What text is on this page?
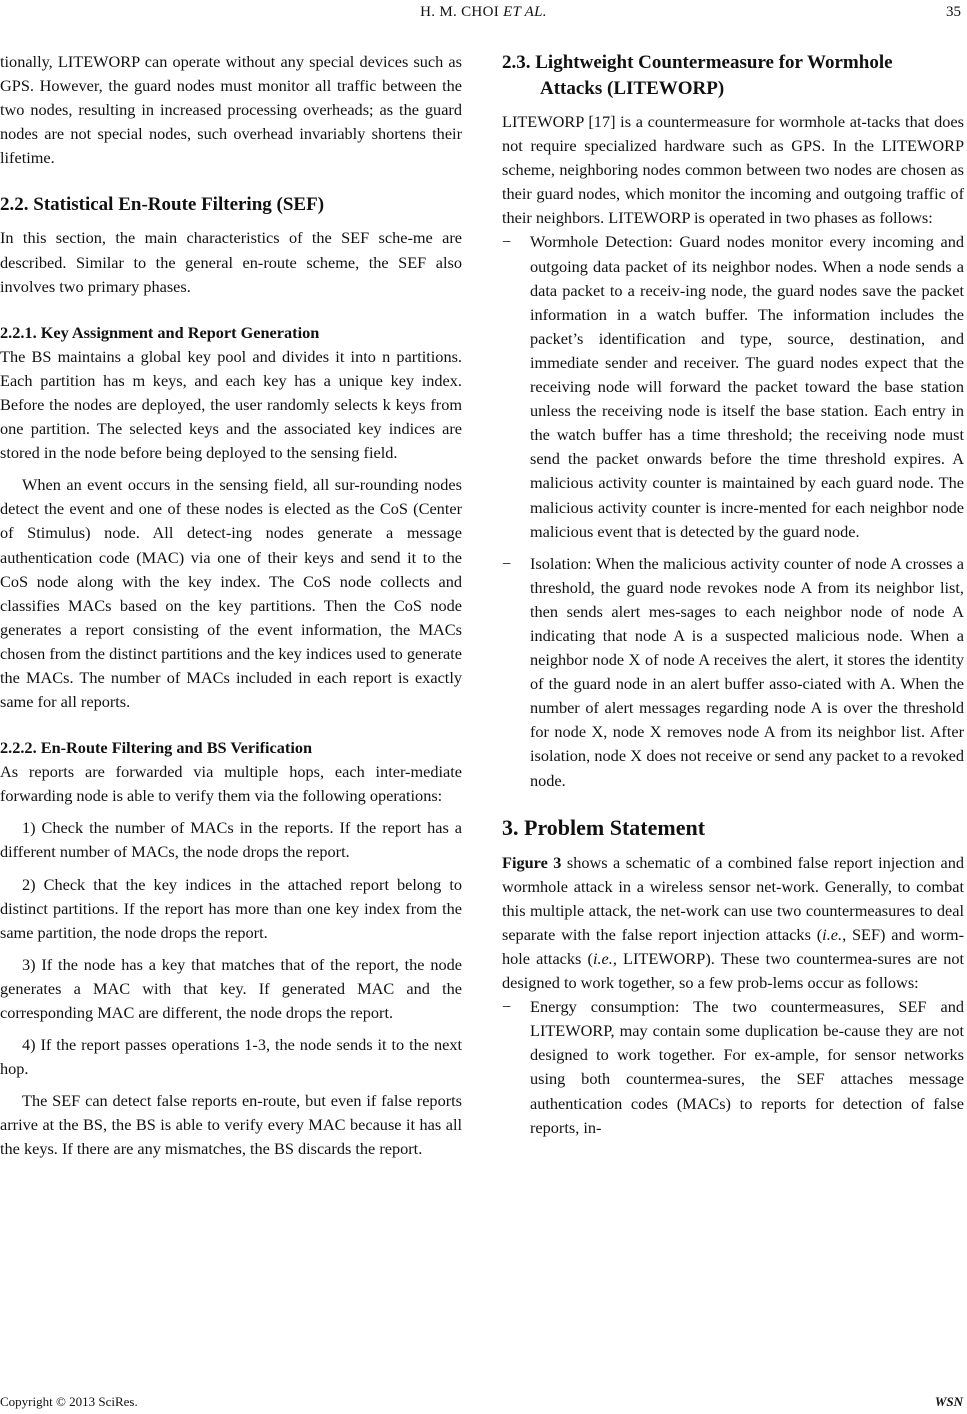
H. M. CHOI ET AL.	35

tionally, LITEWORP can operate without any special devices such as GPS. However, the guard nodes must monitor all traffic between the two nodes, resulting in increased processing overheads; as the guard nodes are not special nodes, such overhead invariably shortens their lifetime.

2.2. Statistical En-Route Filtering (SEF)

In this section, the main characteristics of the SEF sche-me are described. Similar to the general en-route scheme, the SEF also involves two primary phases.

2.2.1. Key Assignment and Report Generation

The BS maintains a global key pool and divides it into n partitions. Each partition has m keys, and each key has a unique key index. Before the nodes are deployed, the user randomly selects k keys from one partition. The selected keys and the associated key indices are stored in the node before being deployed to the sensing field.

When an event occurs in the sensing field, all sur-rounding nodes detect the event and one of these nodes is elected as the CoS (Center of Stimulus) node. All detect-ing nodes generate a message authentication code (MAC) via one of their keys and send it to the CoS node along with the key index. The CoS node collects and classifies MACs based on the key partitions. Then the CoS node generates a report consisting of the event information, the MACs chosen from the distinct partitions and the key indices used to generate the MACs. The number of MACs included in each report is exactly same for all reports.

2.2.2. En-Route Filtering and BS Verification

As reports are forwarded via multiple hops, each inter-mediate forwarding node is able to verify them via the following operations:

1) Check the number of MACs in the reports. If the report has a different number of MACs, the node drops the report.

2) Check that the key indices in the attached report belong to distinct partitions. If the report has more than one key index from the same partition, the node drops the report.

3) If the node has a key that matches that of the report, the node generates a MAC with that key. If generated MAC and the corresponding MAC are different, the node drops the report.

4) If the report passes operations 1-3, the node sends it to the next hop.

The SEF can detect false reports en-route, but even if false reports arrive at the BS, the BS is able to verify every MAC because it has all the keys. If there are any mismatches, the BS discards the report.

2.3. Lightweight Countermeasure for Wormhole
Attacks (LITEWORP)

LITEWORP [17] is a countermeasure for wormhole at-tacks that does not require specialized hardware such as GPS. In the LITEWORP scheme, neighboring nodes common between two nodes are chosen as their guard nodes, which monitor the incoming and outgoing traffic of their neighbors. LITEWORP is operated in two phases as follows:

−	Wormhole Detection: Guard nodes monitor every incoming and outgoing data packet of its neighbor nodes. When a node sends a data packet to a receiv-ing node, the guard nodes save the packet information in a watch buffer. The information includes the packet’s identification and type, source, destination, and immediate sender and receiver. The guard nodes expect that the receiving node will forward the packet toward the base station unless the receiving node is itself the base station. Each entry in the watch buffer has a time threshold; the receiving node must send the packet onwards before the time threshold expires. A malicious activity counter is maintained by each guard node. The malicious activity counter is incre-mented for each neighbor node malicious event that is detected by the guard node.
−	Isolation: When the malicious activity counter of node A crosses a threshold, the guard node revokes node A from its neighbor list, then sends alert mes-sages to each neighbor node of node A indicating that node A is a suspected malicious node. When a neighbor node X of node A receives the alert, it stores the identity of the guard node in an alert buffer asso-ciated with A. When the number of alert messages regarding node A is over the threshold for node X, node X removes node A from its neighbor list. After isolation, node X does not receive or send any packet to a revoked node.
3. Problem Statement

Figure 3 shows a schematic of a combined false report injection and wormhole attack in a wireless sensor net-work. Generally, to combat this multiple attack, the net-work can use two countermeasures to deal separate with the false report injection attacks (i.e., SEF) and worm-hole attacks (i.e., LITEWORP). These two countermea-sures are not designed to work together, so a few prob-lems occur as follows:

−	Energy consumption: The two countermeasures, SEF and LITEWORP, may contain some duplication be-cause they are not designed to work together. For ex-ample, for sensor networks using both countermea-sures, the SEF attaches message authentication codes (MACs) to reports for detection of false reports, in-
Copyright © 2013 SciRes.	WSN
